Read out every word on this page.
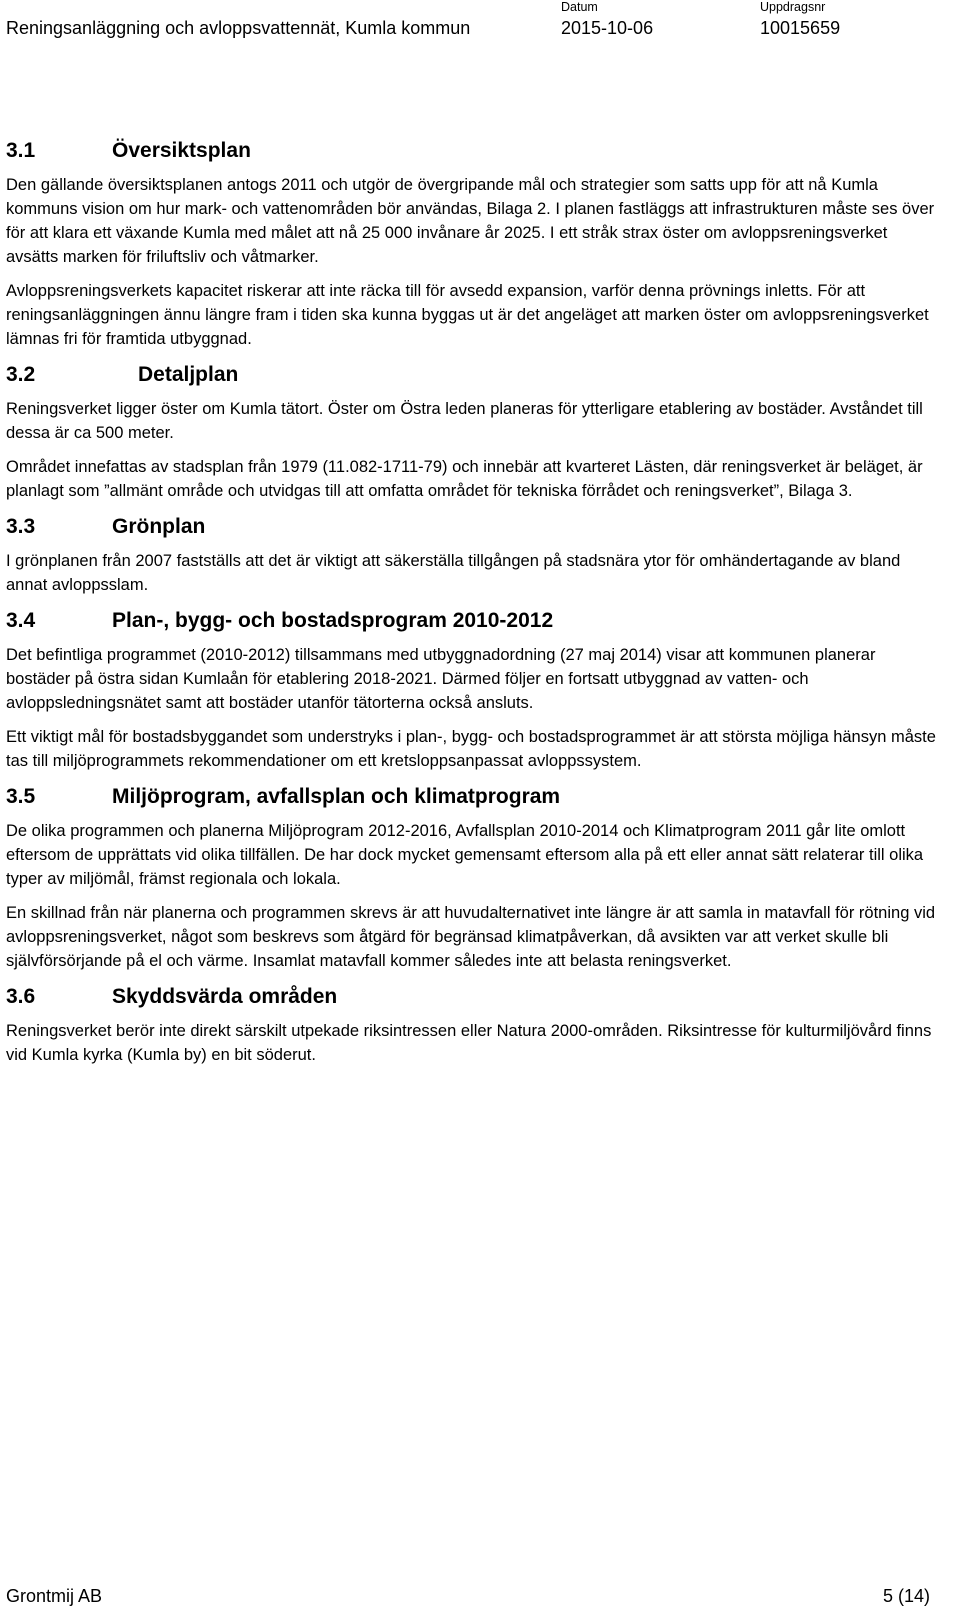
Reningsanläggning och avloppsvattennät, Kumla kommun
Datum
2015-10-06
Uppdragsnr
10015659
3.1	Översiktsplan

Den gällande översiktsplanen antogs 2011 och utgör de övergripande mål och strategier som satts upp för att nå Kumla kommuns vision om hur mark- och vattenområden bör användas, Bilaga 2. I planen fastläggs att infrastrukturen måste ses över för att klara ett växande Kumla med målet att nå 25 000 invånare år 2025. I ett stråk strax öster om avloppsreningsverket avsätts marken för friluftsliv och våtmarker.

Avloppsreningsverkets kapacitet riskerar att inte räcka till för avsedd expansion, varför denna prövnings inletts. För att reningsanläggningen ännu längre fram i tiden ska kunna byggas ut är det angeläget att marken öster om avloppsreningsverket lämnas fri för framtida utbyggnad.

3.2	Detaljplan

Reningsverket ligger öster om Kumla tätort. Öster om Östra leden planeras för ytterligare etablering av bostäder. Avståndet till dessa är ca 500 meter.

Området innefattas av stadsplan från 1979 (11.082-1711-79) och innebär att kvarteret Lästen, där reningsverket är beläget, är planlagt som ”allmänt område och utvidgas till att omfatta området för tekniska förrådet och reningsverket”, Bilaga 3.

3.3	Grönplan

I grönplanen från 2007 fastställs att det är viktigt att säkerställa tillgången på stadsnära ytor för omhändertagande av bland annat avloppsslam.

3.4	Plan-, bygg- och bostadsprogram 2010-2012

Det befintliga programmet (2010-2012) tillsammans med utbyggnadordning (27 maj 2014) visar att kommunen planerar bostäder på östra sidan Kumlaån för etablering 2018-2021. Därmed följer en fortsatt utbyggnad av vatten- och avloppsledningsnätet samt att bostäder utanför tätorterna också ansluts.

Ett viktigt mål för bostadsbyggandet som understryks i plan-, bygg- och bostadsprogrammet är att största möjliga hänsyn måste tas till miljöprogrammets rekommendationer om ett kretsloppsanpassat avloppssystem.

3.5	Miljöprogram, avfallsplan och klimatprogram

De olika programmen och planerna Miljöprogram 2012-2016, Avfallsplan 2010-2014 och Klimatprogram 2011 går lite omlott eftersom de upprättats vid olika tillfällen. De har dock mycket gemensamt eftersom alla på ett eller annat sätt relaterar till olika typer av miljömål, främst regionala och lokala.

En skillnad från när planerna och programmen skrevs är att huvudalternativet inte längre är att samla in matavfall för rötning vid avloppsreningsverket, något som beskrevs som åtgärd för begränsad klimatpåverkan, då avsikten var att verket skulle bli självförsörjande på el och värme. Insamlat matavfall kommer således inte att belasta reningsverket.

3.6	Skyddsvärda områden

Reningsverket berör inte direkt särskilt utpekade riksintressen eller Natura 2000-områden. Riksintresse för kulturmiljövård finns vid Kumla kyrka (Kumla by) en bit söderut.

Grontmij AB	5 (14)
